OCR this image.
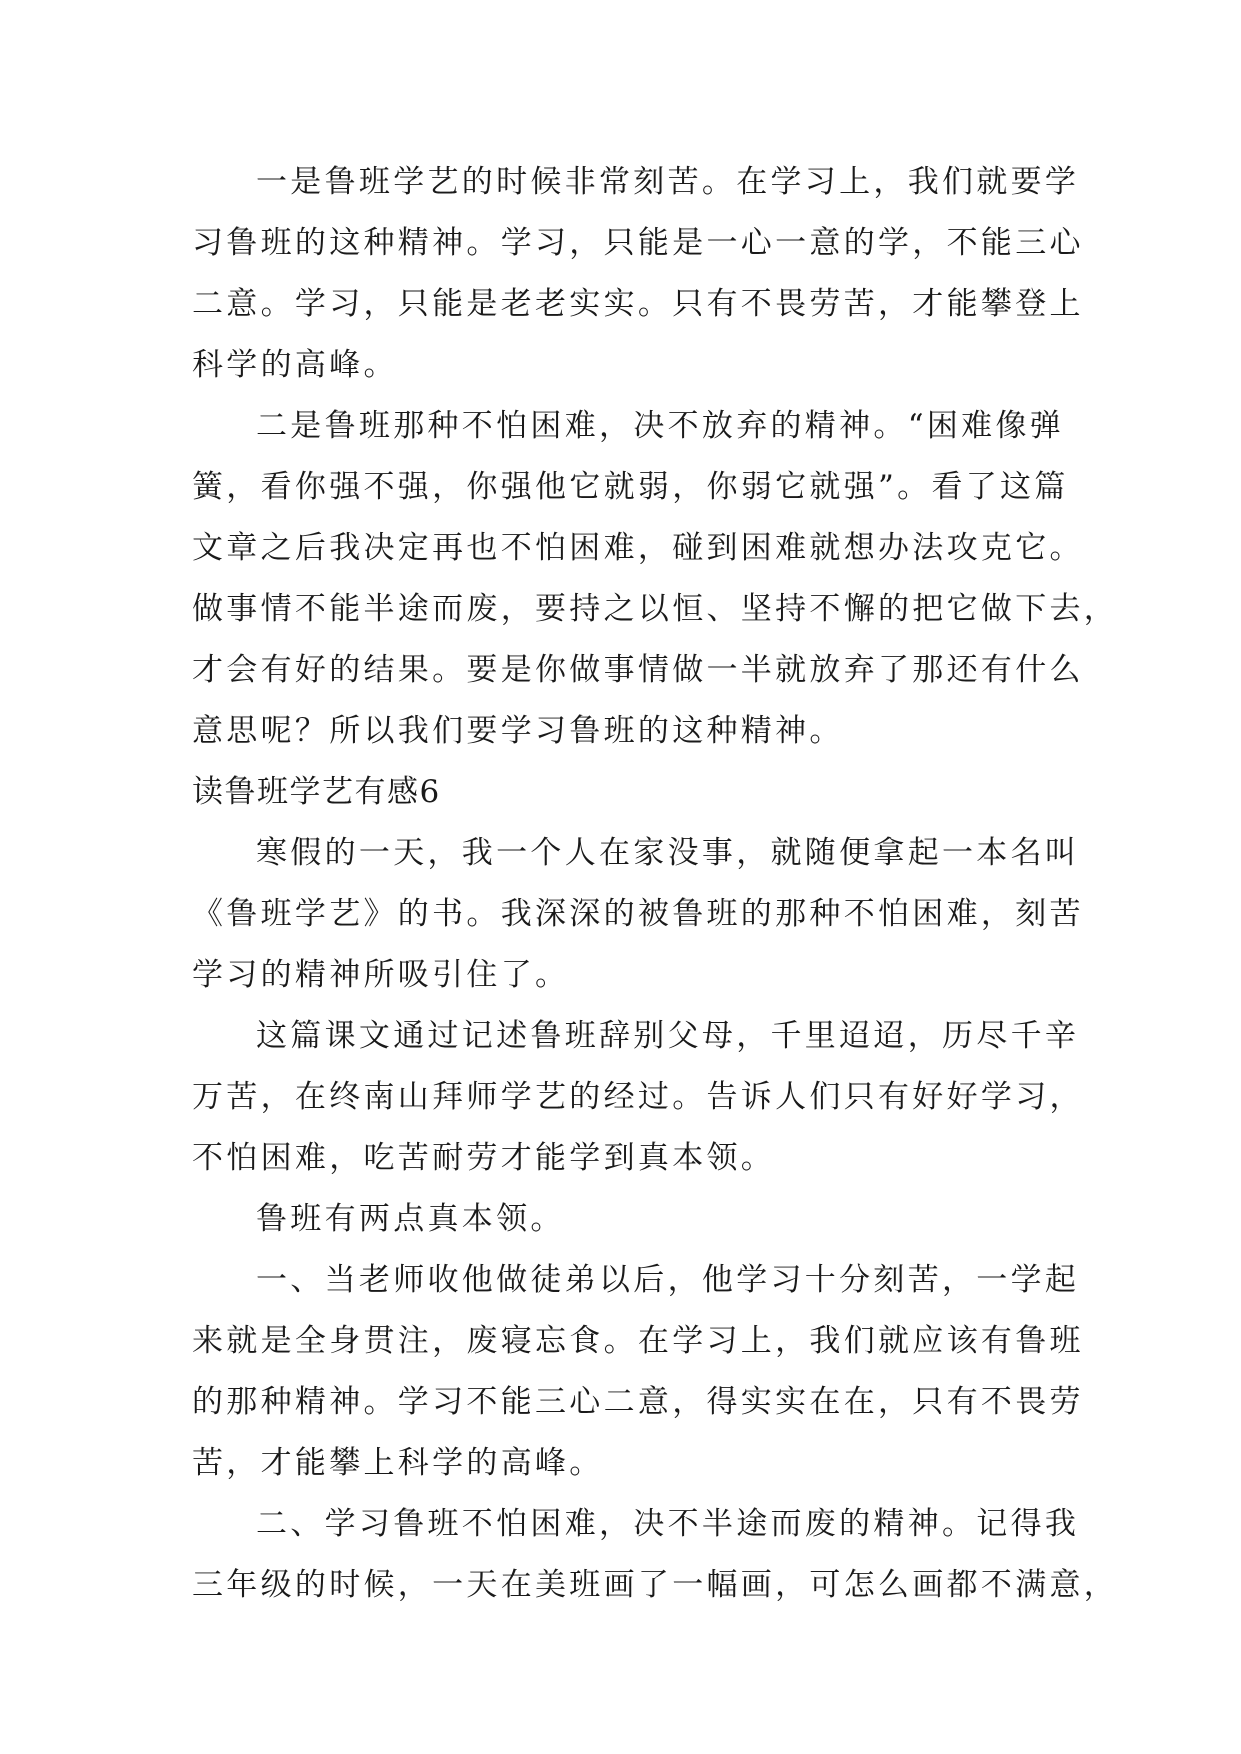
一是鲁班学艺的时候非常刻苦。在学习上，我们就要学
习鲁班的这种精神。学习，只能是一心一意的学，不能三心
二意。学习，只能是老老实实。只有不畏劳苦，才能攀登上
科学的高峰。
二是鲁班那种不怕困难，决不放弃的精神。“困难像弹
簧，看你强不强，你强他它就弱，你弱它就强”。看了这篇
文章之后我决定再也不怕困难，碰到困难就想办法攻克它。
做事情不能半途而废，要持之以恒、坚持不懈的把它做下去，
才会有好的结果。要是你做事情做一半就放弃了那还有什么
意思呢？所以我们要学习鲁班的这种精神。
读鲁班学艺有感6
寒假的一天，我一个人在家没事，就随便拿起一本名叫
《鲁班学艺》的书。我深深的被鲁班的那种不怕困难，刻苦
学习的精神所吸引住了。
这篇课文通过记述鲁班辞别父母，千里迢迢，历尽千辛
万苦，在终南山拜师学艺的经过。告诉人们只有好好学习，
不怕困难，吃苦耐劳才能学到真本领。
鲁班有两点真本领。
一、当老师收他做徒弟以后，他学习十分刻苦，一学起
来就是全身贯注，废寝忘食。在学习上，我们就应该有鲁班
的那种精神。学习不能三心二意，得实实在在，只有不畏劳
苦，才能攀上科学的高峰。
二、学习鲁班不怕困难，决不半途而废的精神。记得我
三年级的时候，一天在美班画了一幅画，可怎么画都不满意，
